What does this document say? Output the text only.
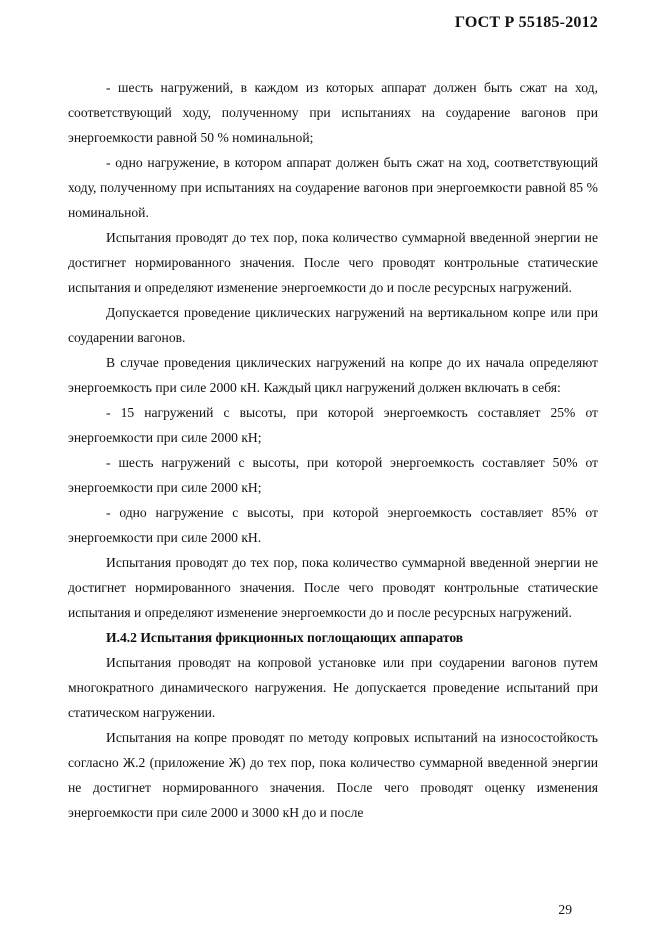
ГОСТ Р 55185-2012

- шесть нагружений, в каждом из которых аппарат должен быть сжат на ход, соответствующий ходу, полученному при испытаниях на соударение вагонов при энергоемкости равной 50 % номинальной;

- одно нагружение, в котором аппарат должен быть сжат на ход, соответствующий ходу, полученному при испытаниях на соударение вагонов при энергоемкости равной 85 % номинальной.

Испытания проводят до тех пор, пока количество суммарной введенной энергии не достигнет нормированного значения. После чего проводят контрольные статические испытания и определяют изменение энергоемкости до и после ресурсных нагружений.

Допускается проведение циклических нагружений на вертикальном копре или при соударении вагонов.

В случае проведения циклических нагружений на копре до их начала определяют энергоемкость при силе 2000 кН. Каждый цикл нагружений должен включать в себя:

- 15 нагружений с высоты, при которой энергоемкость составляет 25% от энергоемкости при силе 2000 кН;

- шесть нагружений с высоты, при которой энергоемкость составляет 50% от энергоемкости при силе 2000 кН;

- одно нагружение с высоты, при которой энергоемкость составляет 85% от энергоемкости при силе 2000 кН.

Испытания проводят до тех пор, пока количество суммарной введенной энергии не достигнет нормированного значения. После чего проводят контрольные статические испытания и определяют изменение энергоемкости до и после ресурсных нагружений.

И.4.2 Испытания фрикционных поглощающих аппаратов

Испытания проводят на копровой установке или при соударении вагонов путем многократного динамического нагружения. Не допускается проведение испытаний при статическом нагружении.

Испытания на копре проводят по методу копровых испытаний на износостойкость согласно Ж.2 (приложение Ж) до тех пор, пока количество суммарной введенной энергии не достигнет нормированного значения. После чего проводят оценку изменения энергоемкости при силе 2000 и 3000 кН до и после

29
